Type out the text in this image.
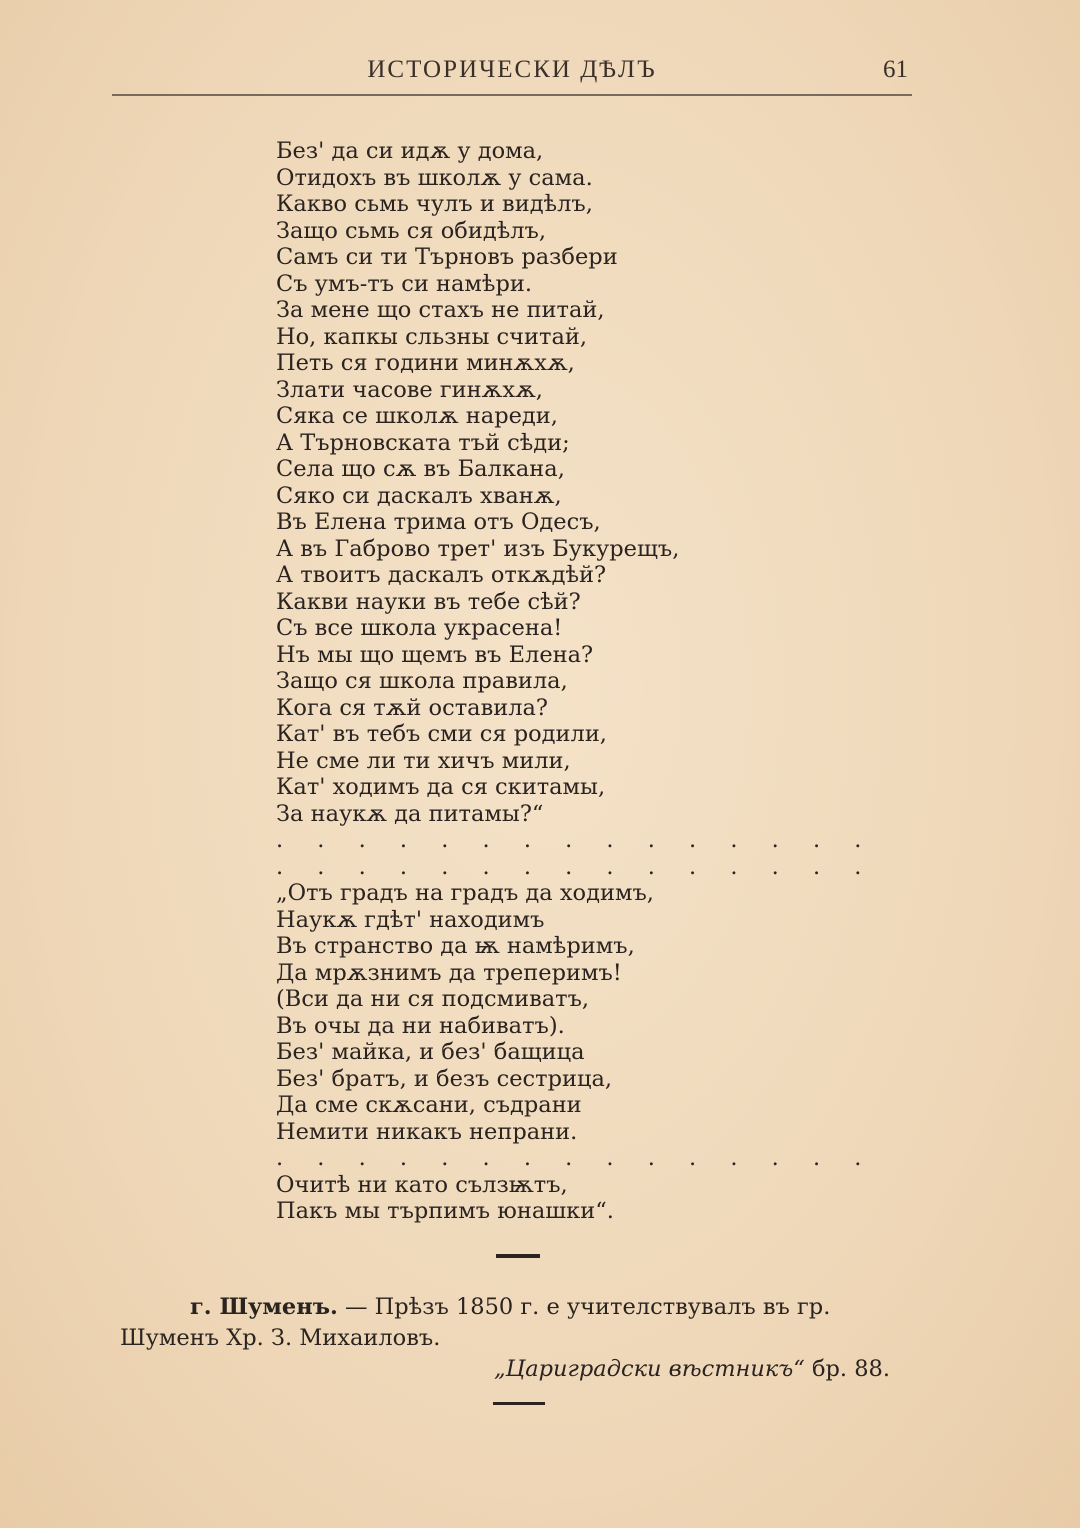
ИСТОРИЧЕСКИ ДѢЛЪ	61
Без' да си идѫ у дома,
Отидохъ въ школѫ у сама.
Какво сьмь чулъ и видѣлъ,
Защо сьмь ся обидѣлъ,
Самъ си ти Търновъ разбери
Съ умъ-тъ си намѣри.
За мене що стахъ не питай,
Но, капкы сльзны считай,
Петь ся години минѫхѫ,
Злати часове гинѫхѫ,
Сяка се школѫ нареди,
А Търновската тъй сѣди;
Села що сѫ въ Балкана,
Сяко си даскалъ хванѫ,
Въ Елена трима отъ Одесъ,
А въ Габрово трет' изъ Букурещъ,
А твоитъ даскалъ откѫдѣй?
Какви науки въ тебе сѣй?
Съ все школа украсена!
Нъ мы що щемъ въ Елена?
Защо ся школа правила,
Кога ся тѫй оставила?
Кат' въ тебъ сми ся родили,
Не сме ли ти хичъ мили,
Кат' ходимъ да ся скитамы,
За наукѫ да питамы?“
. . . . . . . . . . . . . . .
. . . . . . . . . . . . . . .
„Отъ градъ на градъ да ходимъ,
Наукѫ гдѣт' находимъ
Въ странство да ѭ намѣримъ,
Да мрѫзнимъ да треперимъ!
(Вси да ни ся подсмиватъ,
Въ очы да ни набиватъ).
Без' майка, и без' бащица
Без' братъ, и безъ сестрица,
Да сме скѫсани, съдрани
Немити никакъ непрани.
. . . . . . . . . . . . . . .
Очитѣ ни като сълзѭтъ,
Пакъ мы търпимъ юнашки“.
г. Шуменъ. — Прѣзъ 1850 г. е учителствувалъ въ гр.
Шуменъ Хр. З. Михаиловъ.
„Цариградски вѣстникъ“ бр. 88.
